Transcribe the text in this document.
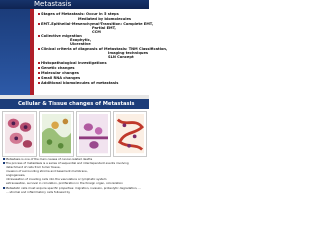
Metastasis
Stages of Metastasis: Occur in 5 steps
Mediated by biomolecules
EMT–Epithelial-Mesenchymal-Transition: Complete EMT,
Partial EMT,
CCM
Collective migration
Exophytic,
Ulcerative
Clinical criteria of diagnosis of Metastasis: TNM Classification,
Imaging techniques
SLN Concept
Histopathological investigations
Genetic changes
Molecular changes
Small RNA changes
Additional biomolecules of metastasis
Cellular & Tissue changes of Metastasis
Metastasis is one of the main causes of cancer-related deaths
The process of metastasis is a series of sequential and interdependent events involving
detachment of cells from tumor tissue,
invasion of surrounding stroma and basement membrane,
angiogenesis,
intravasation of invading cells into the vasculature or lymphatic system
extravasation, survival in circulation, proliferation in the foreign organ, colonization
Metastatic cells must acquire specific properties: migration, invasion, proteolytic degradation, ...
... stromal and inflammatory cells followed by
